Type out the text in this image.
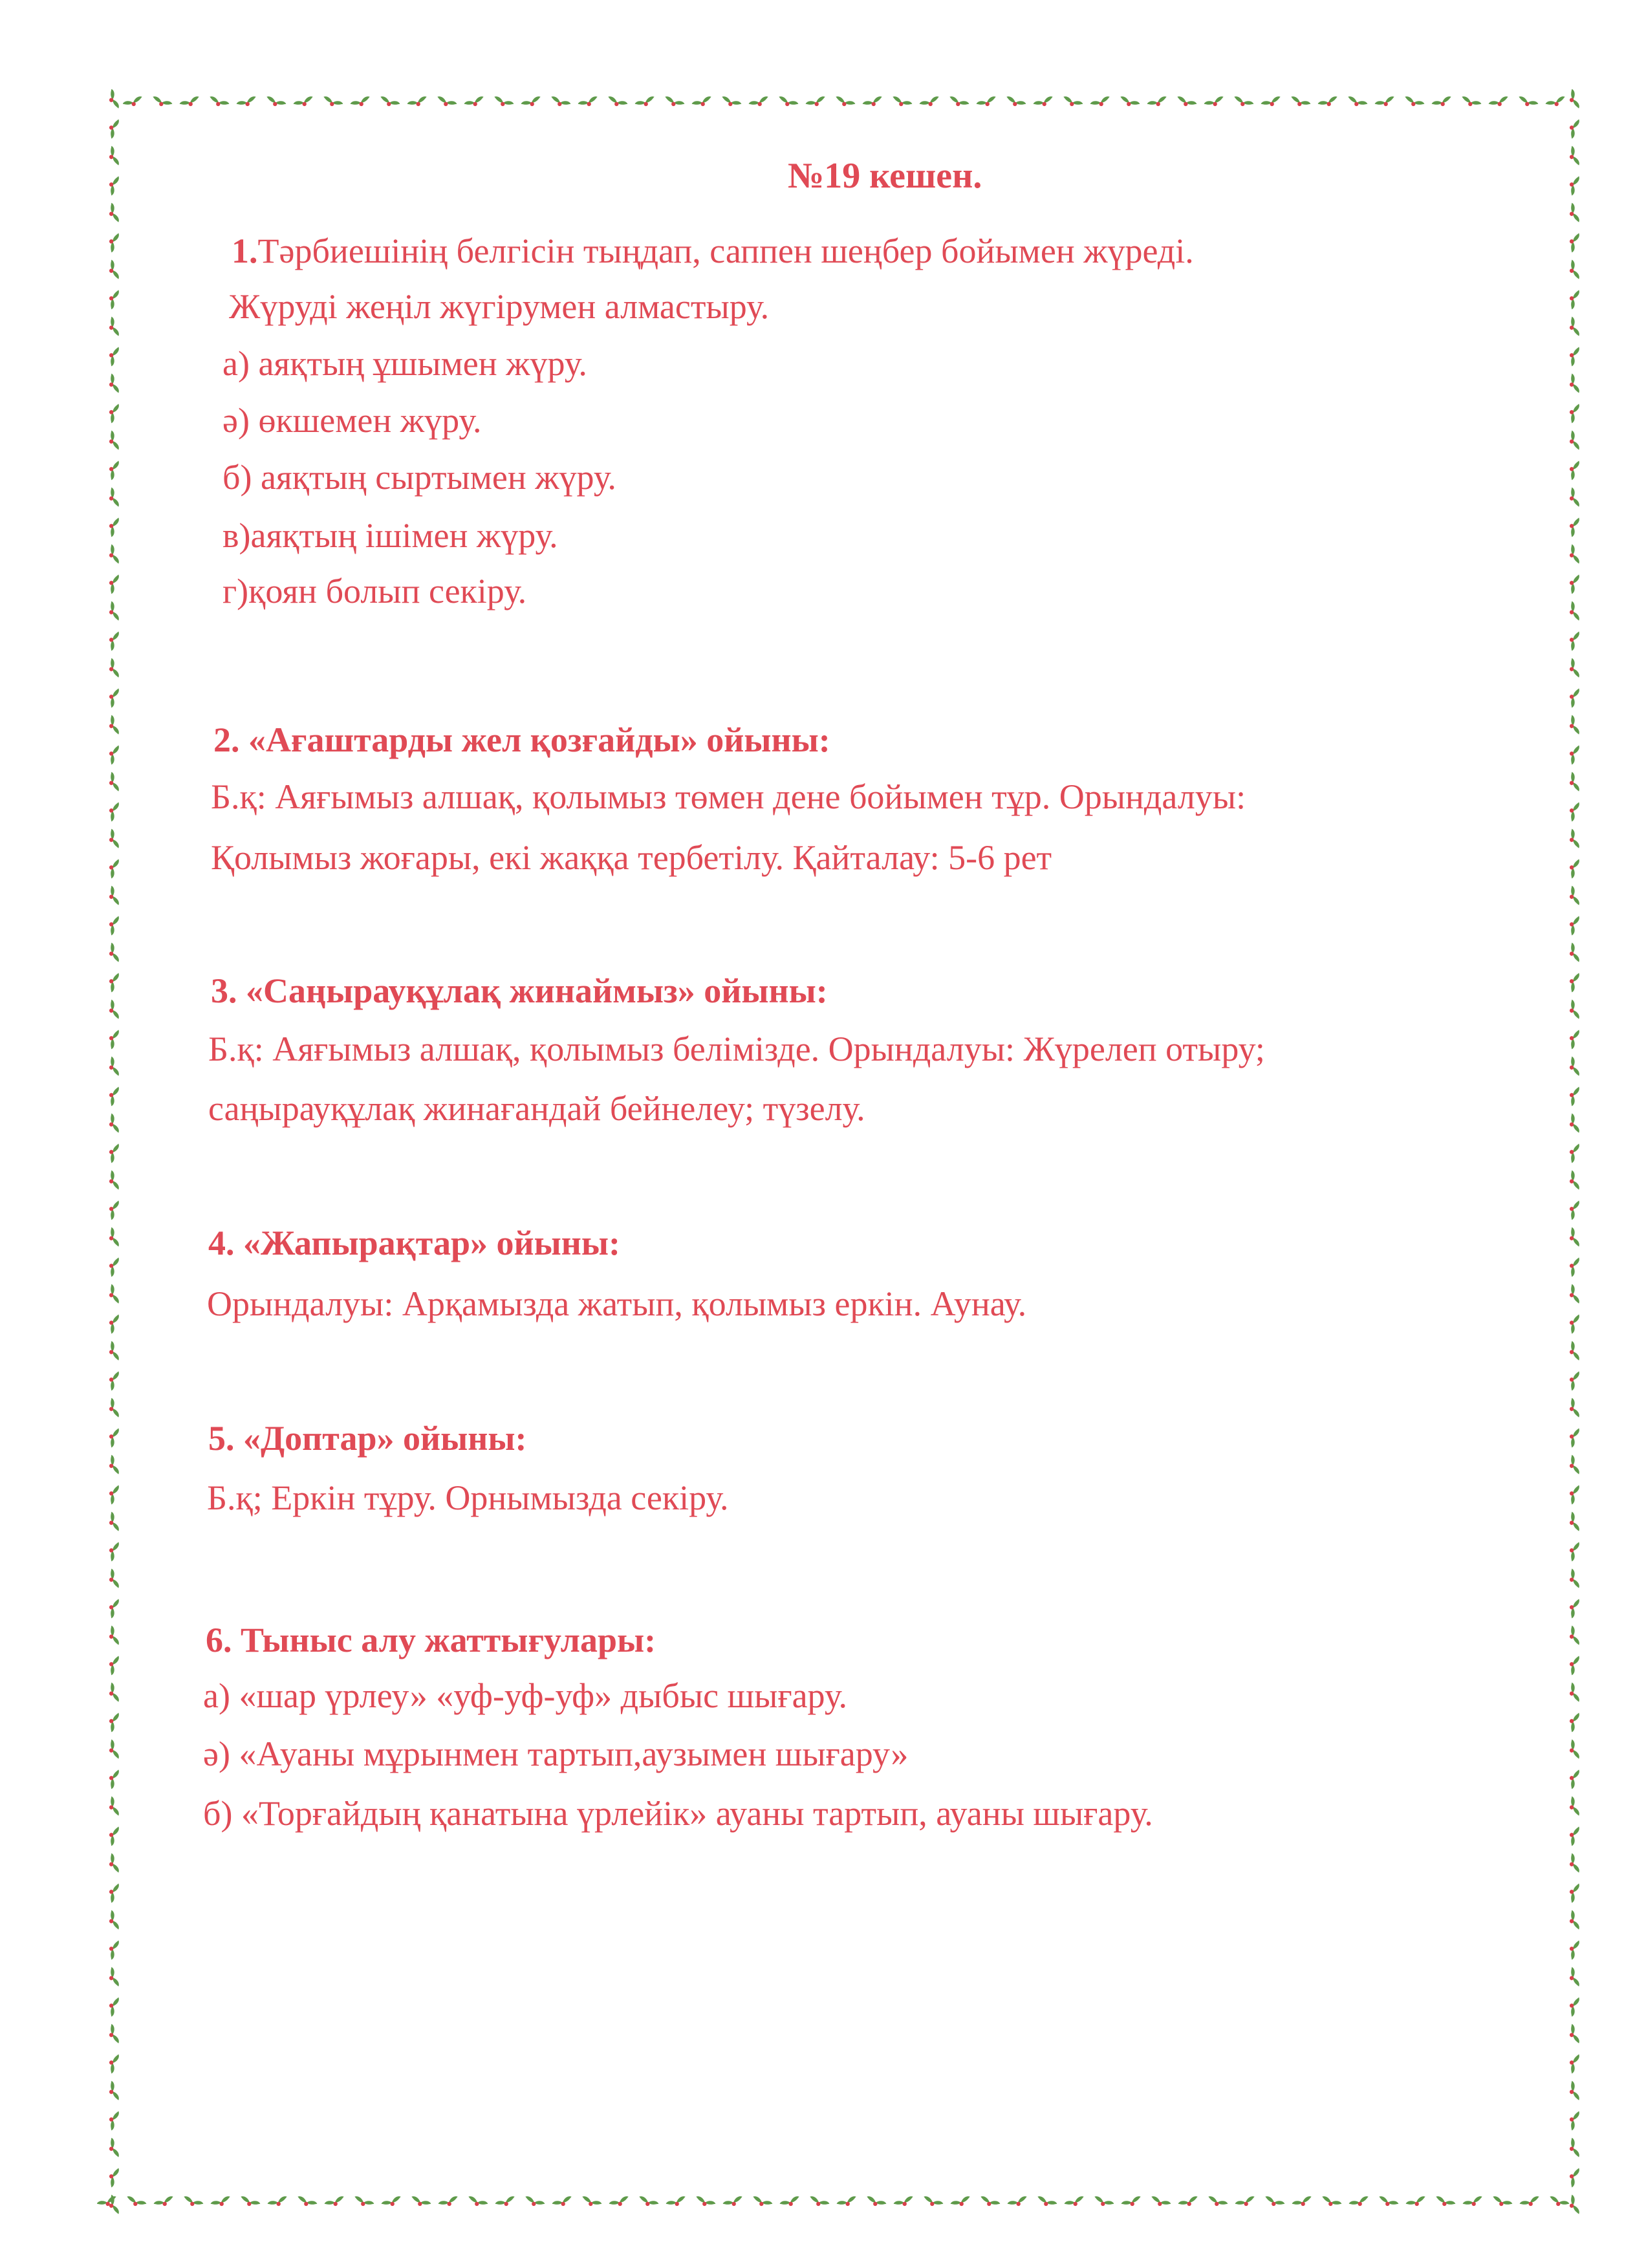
№19 кешен.

1.Тәрбиешінің белгісін тыңдап, саппен шеңбер бойымен жүреді.

Жүруді жеңіл жүгірумен алмастыру.

а) аяқтың ұшымен жүру.

ә) өкшемен жүру.

б) аяқтың сыртымен жүру.

в)аяқтың ішімен жүру.

г)қоян болып секіру.

2. «Ағаштарды жел қозғайды» ойыны:

Б.қ: Аяғымыз алшақ, қолымыз төмен дене бойымен тұр. Орындалуы:

Қолымыз жоғары, екі жаққа тербетілу. Қайталау: 5-6 рет

3. «Саңырауқұлақ жинаймыз» ойыны:

Б.қ: Аяғымыз алшақ, қолымыз белімізде. Орындалуы: Жүрелеп отыру;

саңырауқұлақ жинағандай бейнелеу; түзелу.

4. «Жапырақтар» ойыны:

Орындалуы: Арқамызда жатып, қолымыз еркін. Аунау.

5. «Доптар» ойыны:

Б.қ; Еркін тұру. Орнымызда секіру.

6. Тыныс алу жаттығулары:

а) «шар үрлеу» «уф-уф-уф» дыбыс шығару.

ә) «Ауаны мұрынмен тартып,аузымен шығару»

б) «Торғайдың қанатына үрлейік» ауаны тартып, ауаны шығару.
